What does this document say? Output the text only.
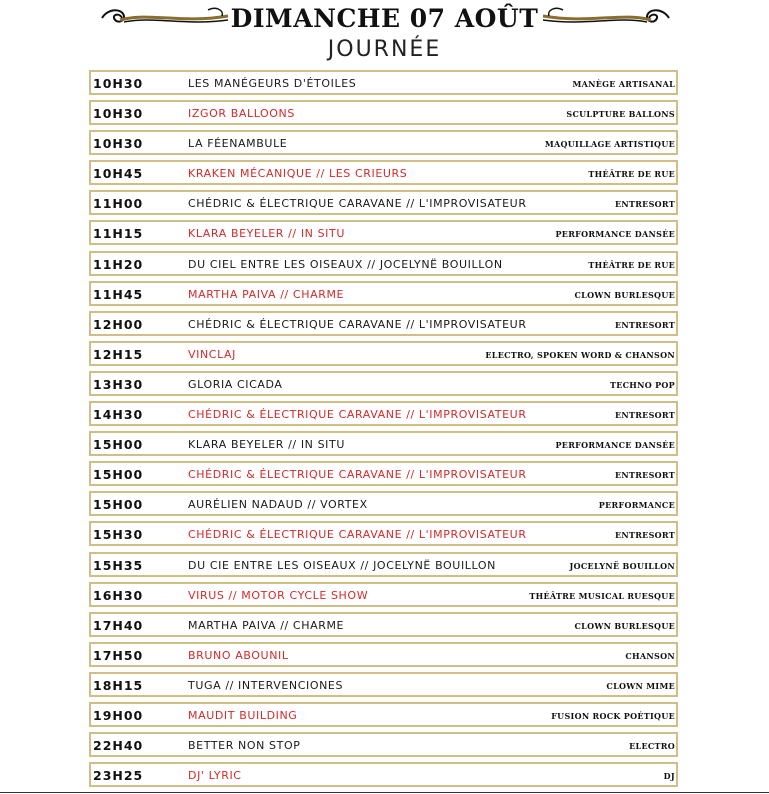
DIMANCHE 07 AOÛT
JOURNÉE
10H30	LES MANÉGEURS D'ÉTOILES	MANÈGE ARTISANAL
10H30	IZGOR BALLOONS	SCULPTURE BALLONS
10H30	LA FÉENAMBULE	MAQUILLAGE ARTISTIQUE
10H45	KRAKEN MÉCANIQUE // LES CRIEURS	THÉÂTRE DE RUE
11H00	CHÉDRIC & ÉLECTRIQUE CARAVANE // L'IMPROVISATEUR	ENTRESORT
11H15	KLARA BEYELER // IN SITU	PERFORMANCE DANSÉE
11H20	DU CIEL ENTRE LES OISEAUX // JOCELYNË BOUILLON	THÉÂTRE DE RUE
11H45	MARTHA PAIVA // CHARME	CLOWN BURLESQUE
12H00	CHÉDRIC & ÉLECTRIQUE CARAVANE // L'IMPROVISATEUR	ENTRESORT
12H15	VINCLAJ	ELECTRO, SPOKEN WORD & CHANSON
13H30	GLORIA CICADA	TECHNO POP
14H30	CHÉDRIC & ÉLECTRIQUE CARAVANE // L'IMPROVISATEUR	ENTRESORT
15H00	KLARA BEYELER // IN SITU	PERFORMANCE DANSÉE
15H00	CHÉDRIC & ÉLECTRIQUE CARAVANE // L'IMPROVISATEUR	ENTRESORT
15H00	AURÉLIEN NADAUD // VORTEX	PERFORMANCE
15H30	CHÉDRIC & ÉLECTRIQUE CARAVANE // L'IMPROVISATEUR	ENTRESORT
15H35	DU CIE ENTRE LES OISEAUX // JOCELYNË BOUILLON	JOCELYNË BOUILLON
16H30	VIRUS // MOTOR CYCLE SHOW	THÉÂTRE MUSICAL RUESQUE
17H40	MARTHA PAIVA // CHARME	CLOWN BURLESQUE
17H50	BRUNO ABOUNIL	CHANSON
18H15	TUGA // INTERVENCIONES	CLOWN MIME
19H00	MAUDIT BUILDING	FUSION ROCK POÉTIQUE
22H40	BETTER NON STOP	ELECTRO
23H25	DJ' LYRIC	DJ
